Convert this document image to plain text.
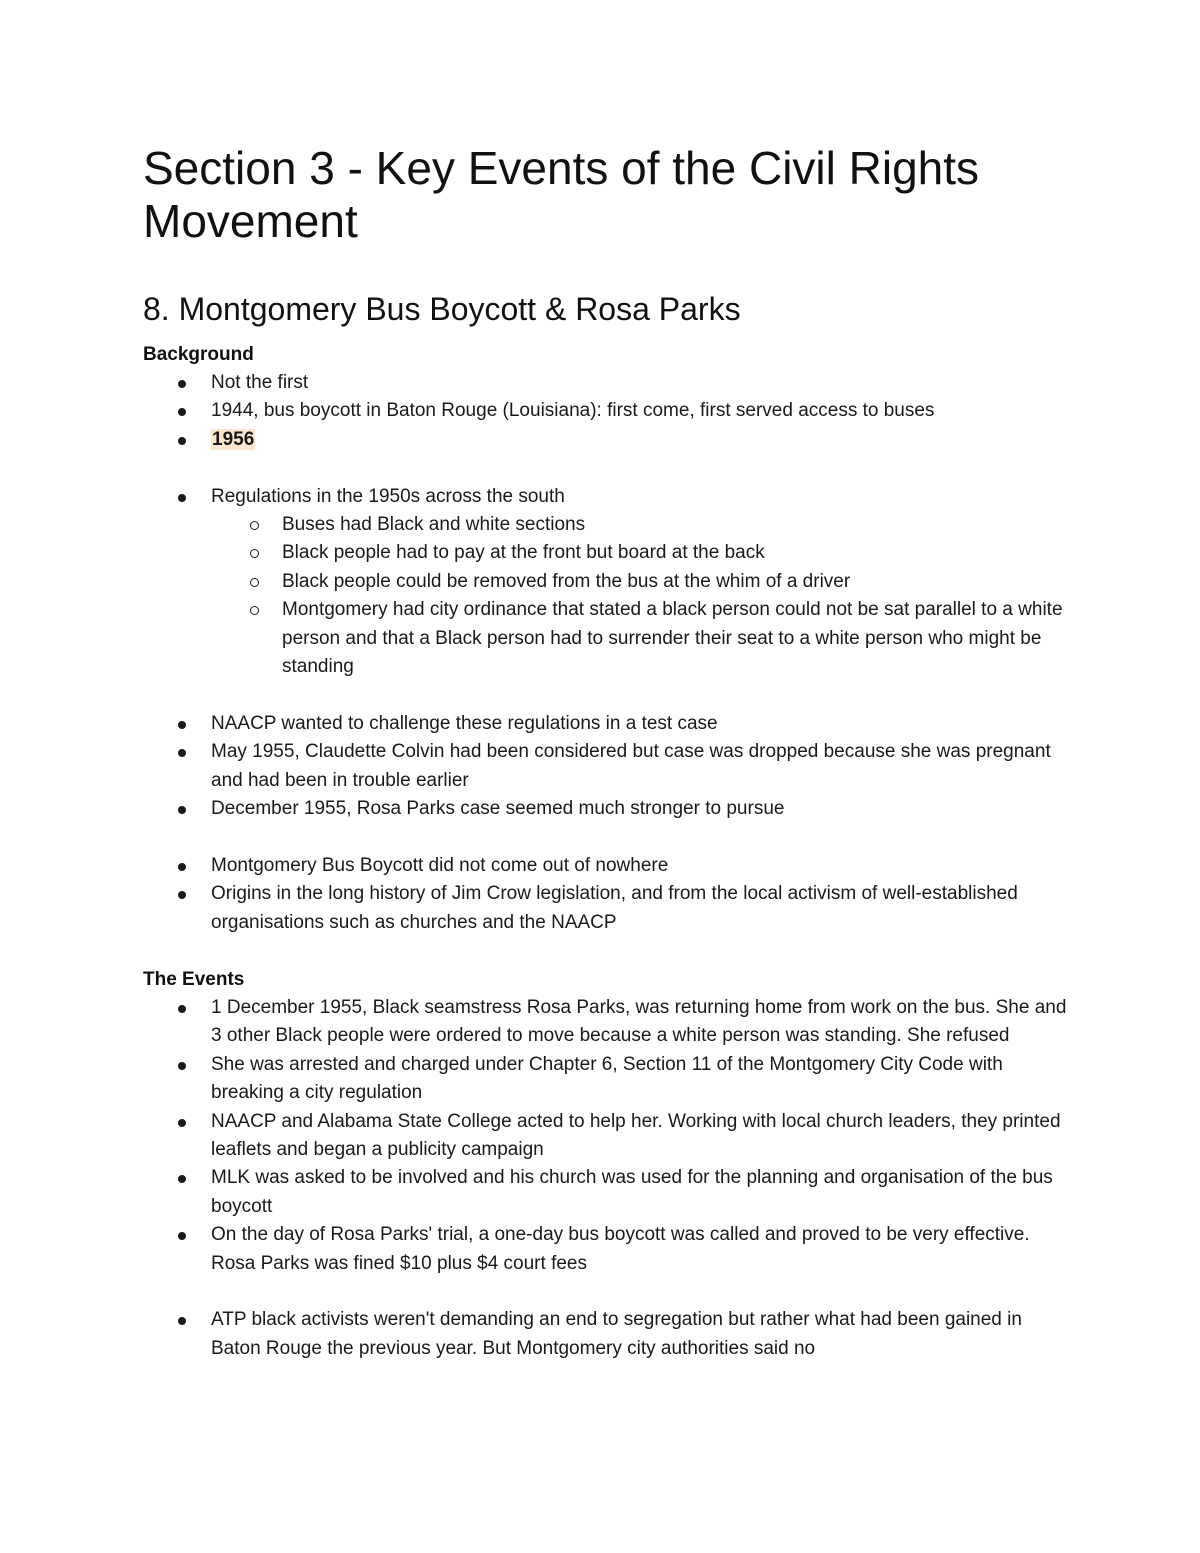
Section 3 - Key Events of the Civil Rights Movement
8. Montgomery Bus Boycott & Rosa Parks
Background
Not the first
1944, bus boycott in Baton Rouge (Louisiana): first come, first served access to buses
1956
Regulations in the 1950s across the south
Buses had Black and white sections
Black people had to pay at the front but board at the back
Black people could be removed from the bus at the whim of a driver
Montgomery had city ordinance that stated a black person could not be sat parallel to a white person and that a Black person had to surrender their seat to a white person who might be standing
NAACP wanted to challenge these regulations in a test case
May 1955, Claudette Colvin had been considered but case was dropped because she was pregnant and had been in trouble earlier
December 1955, Rosa Parks case seemed much stronger to pursue
Montgomery Bus Boycott did not come out of nowhere
Origins in the long history of Jim Crow legislation, and from the local activism of well-established organisations such as churches and the NAACP
The Events
1 December 1955, Black seamstress Rosa Parks, was returning home from work on the bus. She and 3 other Black people were ordered to move because a white person was standing. She refused
She was arrested and charged under Chapter 6, Section 11 of the Montgomery City Code with breaking a city regulation
NAACP and Alabama State College acted to help her. Working with local church leaders, they printed leaflets and began a publicity campaign
MLK was asked to be involved and his church was used for the planning and organisation of the bus boycott
On the day of Rosa Parks' trial, a one-day bus boycott was called and proved to be very effective. Rosa Parks was fined $10 plus $4 court fees
ATP black activists weren't demanding an end to segregation but rather what had been gained in Baton Rouge the previous year. But Montgomery city authorities said no
